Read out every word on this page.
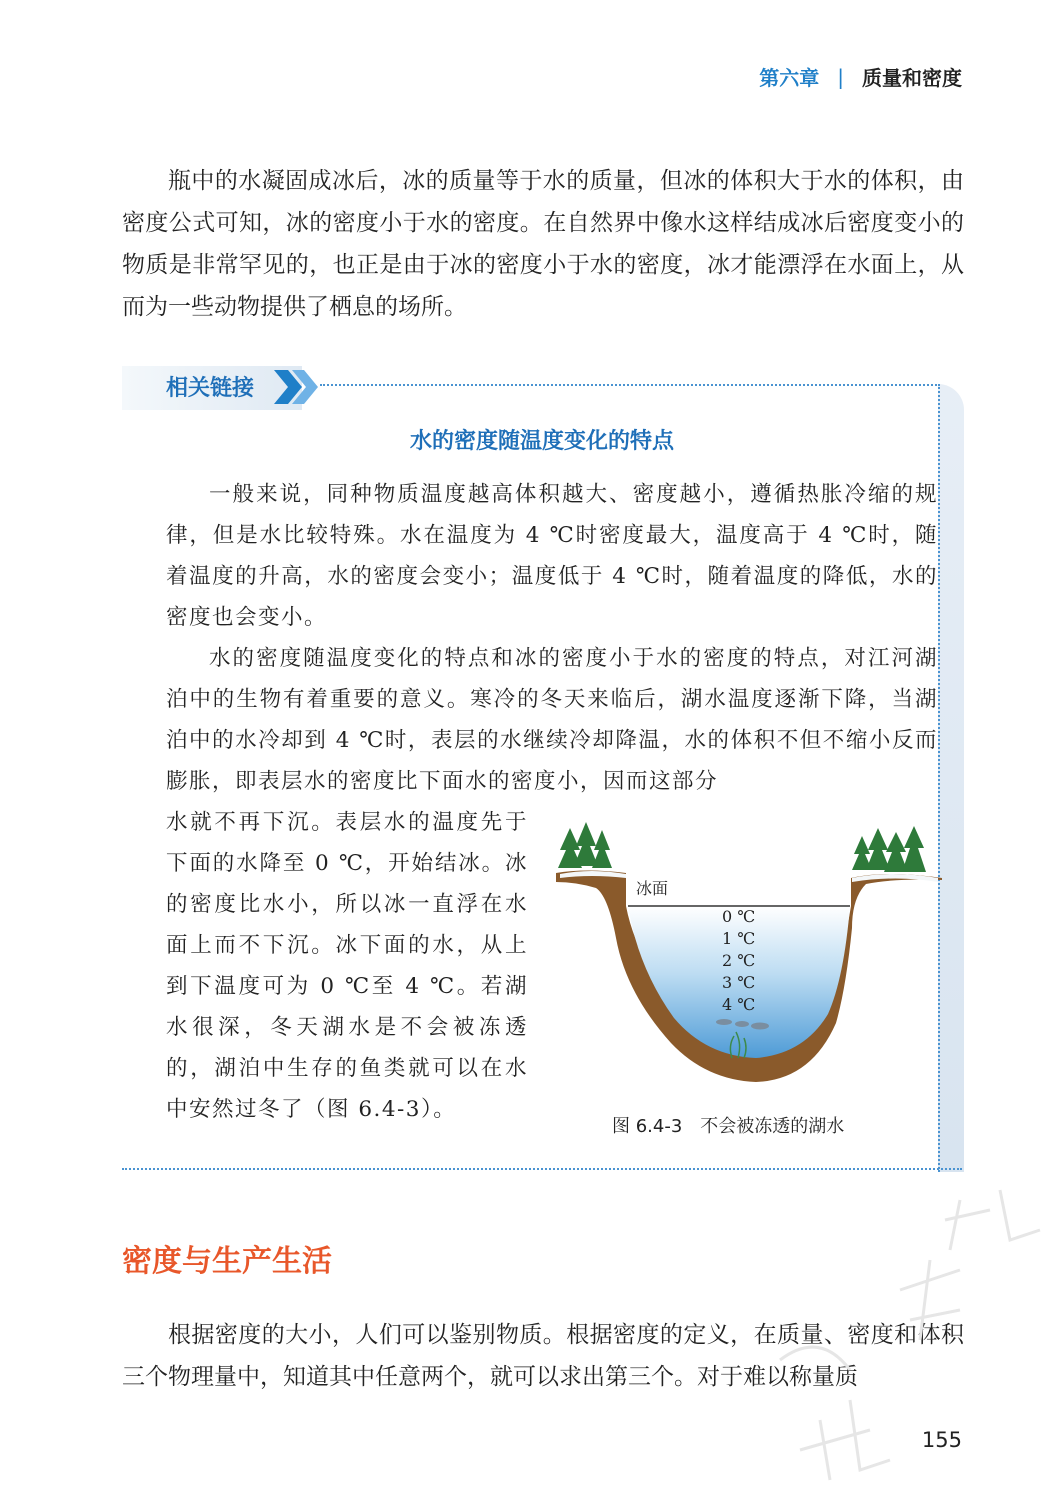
第六章 | 质量和密度

瓶中的水凝固成冰后，冰的质量等于水的质量，但冰的体积大于水的体积，由密度公式可知，冰的密度小于水的密度。在自然界中像水这样结成冰后密度变小的物质是非常罕见的，也正是由于冰的密度小于水的密度，冰才能漂浮在水面上，从而为一些动物提供了栖息的场所。

相关链接
水的密度随温度变化的特点

一般来说，同种物质温度越高体积越大、密度越小，遵循热胀冷缩的规律，但是水比较特殊。水在温度为 4 ℃时密度最大，温度高于 4 ℃时，随着温度的升高，水的密度会变小；温度低于 4 ℃时，随着温度的降低，水的密度也会变小。

水的密度随温度变化的特点和冰的密度小于水的密度的特点，对江河湖泊中的生物有着重要的意义。寒冷的冬天来临后，湖水温度逐渐下降，当湖泊中的水冷却到 4 ℃时，表层的水继续冷却降温，水的体积不但不缩小反而膨胀，即表层水的密度比下面水的密度小，因而这部分

水就不再下沉。表层水的温度先于下面的水降至 0 ℃，开始结冰。冰的密度比水小，所以冰一直浮在水面上而不下沉。冰下面的水，从上到下温度可为 0 ℃至 4 ℃。若湖水很深，冬天湖水是不会被冻透的，湖泊中生存的鱼类就可以在水中安然过冬了（图 6.4-3）。

冰面
0 ℃
1 ℃
2 ℃
3 ℃
4 ℃
图 6.4-3 不会被冻透的湖水
密度与生产生活

根据密度的大小，人们可以鉴别物质。根据密度的定义，在质量、密度和体积三个物理量中，知道其中任意两个，就可以求出第三个。对于难以称量质

155
